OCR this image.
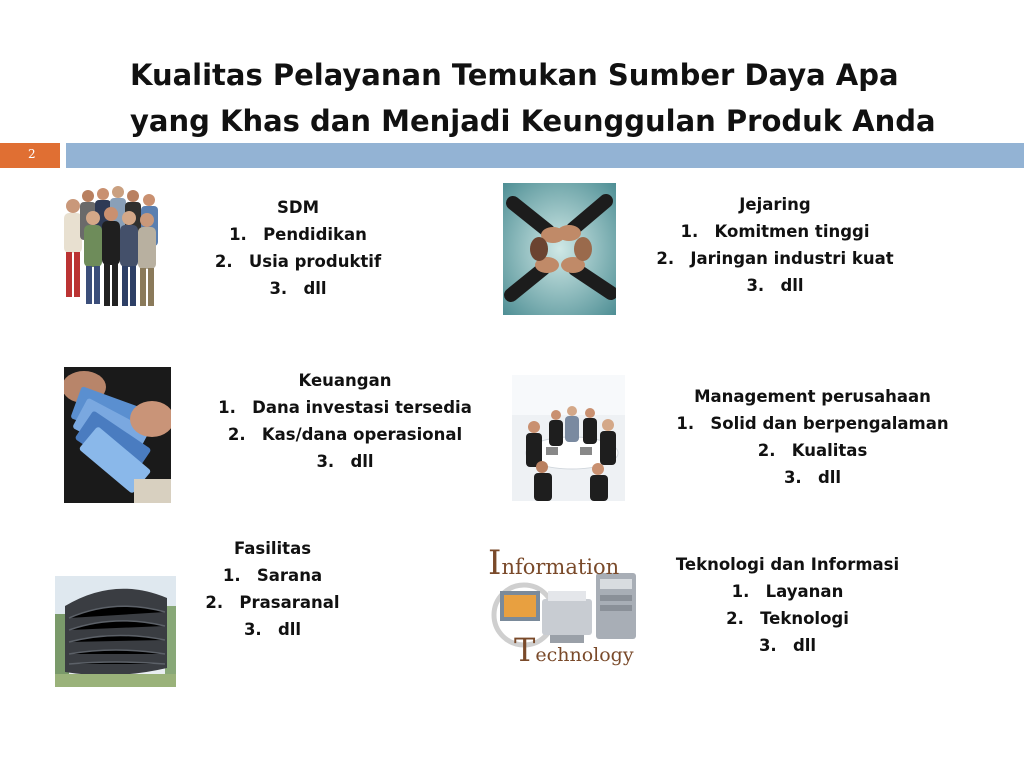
Kualitas Pelayanan Temukan Sumber Daya Apa
yang Khas dan Menjadi Keunggulan Produk Anda
2
Information
Technology
SDM
1. Pendidikan
2. Usia produktif
3. dll
Jejaring
1. Komitmen tinggi
2. Jaringan industri kuat
3. dll
Keuangan
1. Dana investasi tersedia
2. Kas/dana operasional
3. dll
Management perusahaan
1. Solid dan berpengalaman
2. Kualitas
3. dll
Fasilitas
1. Sarana
2. Prasaranal
3. dll
Teknologi dan Informasi
1. Layanan
2. Teknologi
3. dll
